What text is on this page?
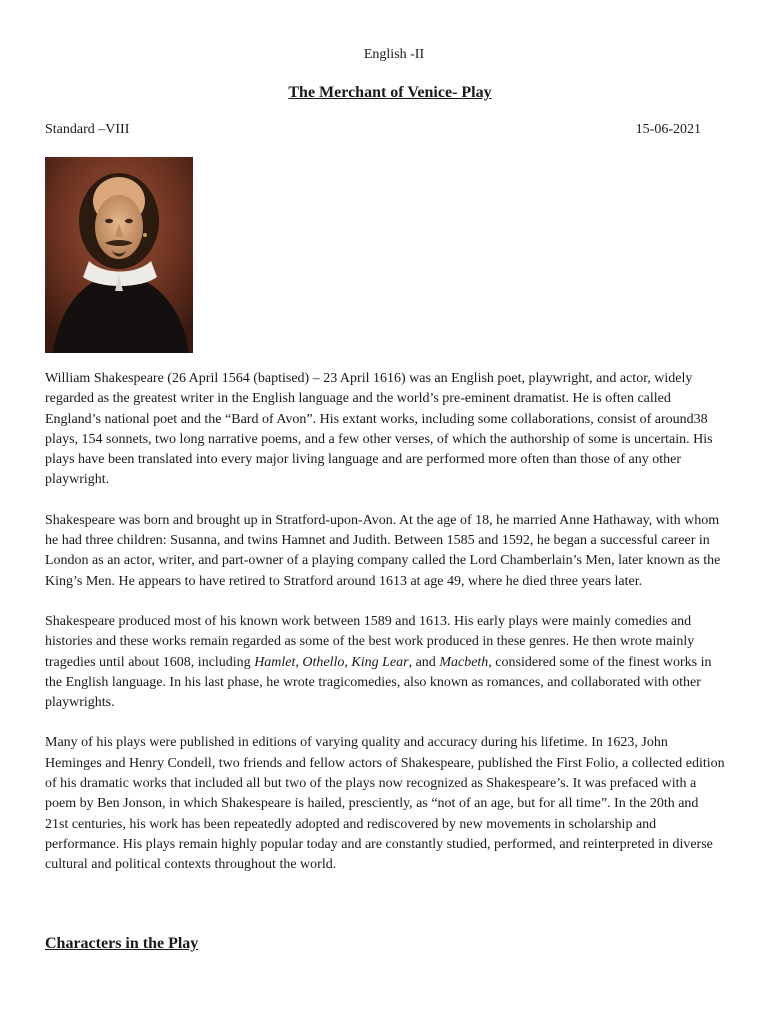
English -II
The Merchant of Venice- Play
Standard –VIII	15-06-2021

William Shakespeare (26 April 1564 (baptised) – 23 April 1616) was an English poet, playwright, and actor, widely regarded as the greatest writer in the English language and the world’s pre-eminent dramatist. He is often called England’s national poet and the “Bard of Avon”. His extant works, including some collaborations, consist of around38 plays, 154 sonnets, two long narrative poems, and a few other verses, of which the authorship of some is uncertain. His plays have been translated into every major living language and are performed more often than those of any other playwright.

Shakespeare was born and brought up in Stratford-upon-Avon. At the age of 18, he married Anne Hathaway, with whom he had three children: Susanna, and twins Hamnet and Judith. Between 1585 and 1592, he began a successful career in London as an actor, writer, and part-owner of a playing company called the Lord Chamberlain’s Men, later known as the King’s Men. He appears to have retired to Stratford around 1613 at age 49, where he died three years later.

Shakespeare produced most of his known work between 1589 and 1613. His early plays were mainly comedies and histories and these works remain regarded as some of the best work produced in these genres. He then wrote mainly tragedies until about 1608, including Hamlet, Othello, King Lear, and Macbeth, considered some of the finest works in the English language. In his last phase, he wrote tragicomedies, also known as romances, and collaborated with other playwrights.

Many of his plays were published in editions of varying quality and accuracy during his lifetime. In 1623, John Heminges and Henry Condell, two friends and fellow actors of Shakespeare, published the First Folio, a collected edition of his dramatic works that included all but two of the plays now recognized as Shakespeare’s. It was prefaced with a poem by Ben Jonson, in which Shakespeare is hailed, presciently, as “not of an age, but for all time”. In the 20th and 21st centuries, his work has been repeatedly adopted and rediscovered by new movements in scholarship and performance. His plays remain highly popular today and are constantly studied, performed, and reinterpreted in diverse cultural and political contexts throughout the world.

Characters in the Play
